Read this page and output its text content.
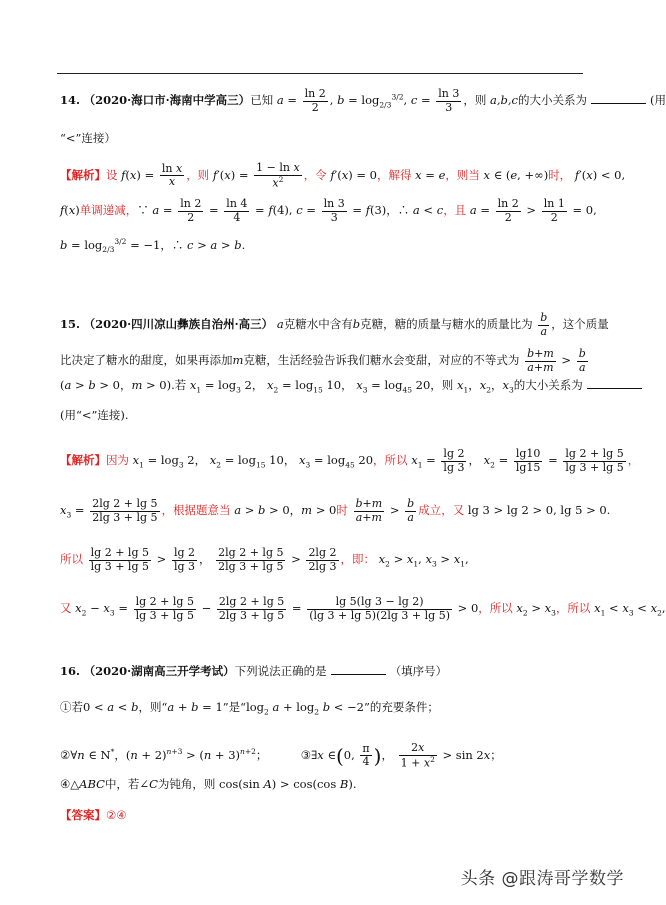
14. （2020·海口市·海南中学高三）已知 $a = \frac{\ln 2}{2}$ , $b = \log_{2/3}^{3/2}$, $c = \frac{\ln 3}{3}$ ，则 a,b,c的大小关系为	(用
“<”连接）
【解析】设 $f(x) = \frac{\text{ln x}}{x}$ ，则 $f'(x) = \frac{\text{1 − ln x}}{x^2}$ ，令 f′(x) = 0，解得 x = e，则当 x ∈ (e, +∞)时， f′(x) < 0,
f(x)单调递减，∵ $a = \frac{\ln 2}{2} = \frac{\ln 4}{4} = f(4)$, $c = \frac{\ln 3}{3} = f(3)$，∴ a < c，且 $a = \frac{\ln 2}{2} > \frac{\ln 1}{2} = 0$,
$b = \log_{2/3}^{3/2} = -1$，∴ c > a > b.
15. （2020·四川凉山彝族自治州·高三） a克糖水中含有b克糖，糖的质量与糖水的质量比为 $\frac{b}{a}$ ，这个质量
比决定了糖水的甜度，如果再添加m克糖，生活经验告诉我们糖水会变甜，对应的不等式为 $\frac{b+m}{a+m} > \frac{b}{a}$
(a > b > 0，m > 0).若 $x_1 = \log_3 2$， $x_2 = \log_{15} 10$， $x_3 = \log_{45} 20$，则 $x_1$，$x_2$，$x_3$的大小关系为
(用“<”连接).
【解析】因为 $x_1 = \log_3 2$， $x_2 = \log_{15} 10$， $x_3 = \log_{45} 20$，所以 $x_1 = \frac{\lg 2}{\lg 3}$ ， $x_2 = \frac{\lg 10}{\lg 15} = \frac{\lg 2 + \lg 5}{\lg 3 + \lg 5}$ ，
$x_3 = \frac{2\lg 2 + \lg 5}{2\lg 3 + \lg 5}$ ，根据题意当 a > b > 0，m > 0时 $\frac{b+m}{a+m} > \frac{b}{a}$ 成立，又 lg 3 > lg 2 > 0, lg 5 > 0.
所以 $\frac{\lg 2 + \lg 5}{\lg 3 + \lg 5} > \frac{\lg 2}{\lg 3}$ ， $\frac{2\lg 2 + \lg 5}{2\lg 3 + \lg 5} > \frac{2\lg 2}{2\lg 3}$ ，即： $x_2 > x_1$, $x_3 > x_1$,
又 $x_2 - x_3 = \frac{\lg 2 + \lg 5}{\lg 3 + \lg 5} - \frac{2\lg 2 + \lg 5}{2\lg 3 + \lg 5} = \frac{\lg 5(\lg 3 - \lg 2)}{(\lg 3 + \lg 5)(2\lg 3 + \lg 5)} > 0$，所以 $x_2 > x_3$，所以 $x_1 < x_3 < x_2$,
16. （2020·湖南高三开学考试）下列说法正确的是	（填序号）
①若0 < a < b，则“a + b = 1”是“$\log_2$ $a + \log_2 b < -2$”的充要条件；
②∀n ∈ N*，$(n + 2)^{n+3} > (n + 3)^{n+2}$；	③∃x ∈(0, $\frac{\pi}{4}$ )， $\frac{2x}{1 + x^2} > \sin 2x$；
④△ABC中，若∠C为钝角，则 cos(sin A) > cos(cos B).
【答案】②④
头条 @跟涛哥学数学
